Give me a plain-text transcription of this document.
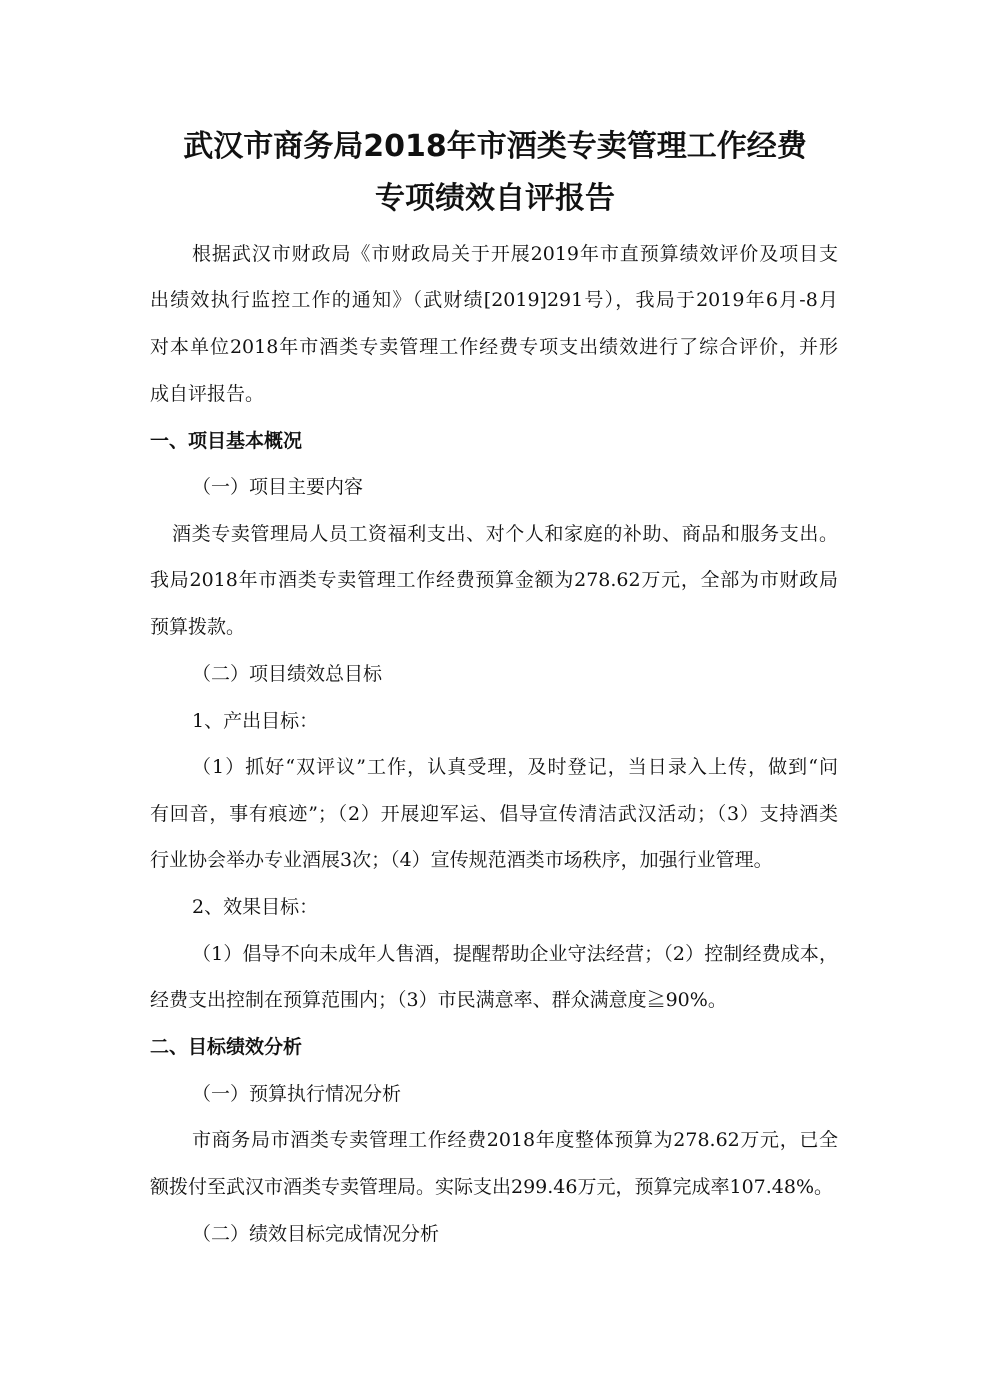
武汉市商务局2018年市酒类专卖管理工作经费
专项绩效自评报告
根据武汉市财政局《市财政局关于开展2019年市直预算绩效评价及项目支
出绩效执行监控工作的通知》（武财绩[2019]291号），我局于2019年6月-8月
对本单位2018年市酒类专卖管理工作经费专项支出绩效进行了综合评价，并形
成自评报告。
一、项目基本概况
（一）项目主要内容
酒类专卖管理局人员工资福利支出、对个人和家庭的补助、商品和服务支出。
我局2018年市酒类专卖管理工作经费预算金额为278.62万元，全部为市财政局
预算拨款。
（二）项目绩效总目标
1、产出目标：
（1）抓好“双评议”工作，认真受理，及时登记，当日录入上传，做到“问
有回音，事有痕迹”；（2）开展迎军运、倡导宣传清洁武汉活动；（3）支持酒类
行业协会举办专业酒展3次；（4）宣传规范酒类市场秩序，加强行业管理。
2、效果目标：
（1）倡导不向未成年人售酒，提醒帮助企业守法经营；（2）控制经费成本，
经费支出控制在预算范围内；（3）市民满意率、群众满意度≧90%。
二、目标绩效分析
（一）预算执行情况分析
市商务局市酒类专卖管理工作经费2018年度整体预算为278.62万元，已全
额拨付至武汉市酒类专卖管理局。实际支出299.46万元，预算完成率107.48%。
（二）绩效目标完成情况分析
